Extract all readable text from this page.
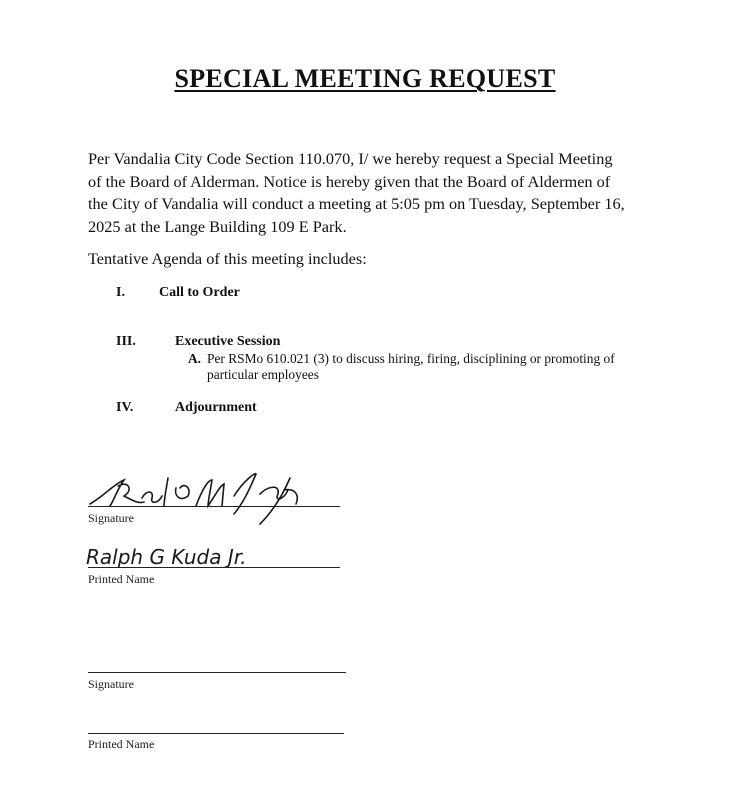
SPECIAL MEETING REQUEST
Per Vandalia City Code Section 110.070, I/ we hereby request a Special Meeting
of the Board of Alderman. Notice is hereby given that the Board of Aldermen of
the City of Vandalia will conduct a meeting at 5:05 pm on Tuesday, September 16,
2025 at the Lange Building 109 E Park.
Tentative Agenda of this meeting includes:
I. Call to Order
III.	Executive Session
A. Per RSMo 610.021 (3) to discuss hiring, firing, disciplining or promoting of
particular employees
IV.	Adjournment
Signature
Ralph G Kuda Jr.
Printed Name
Signature
Printed Name
